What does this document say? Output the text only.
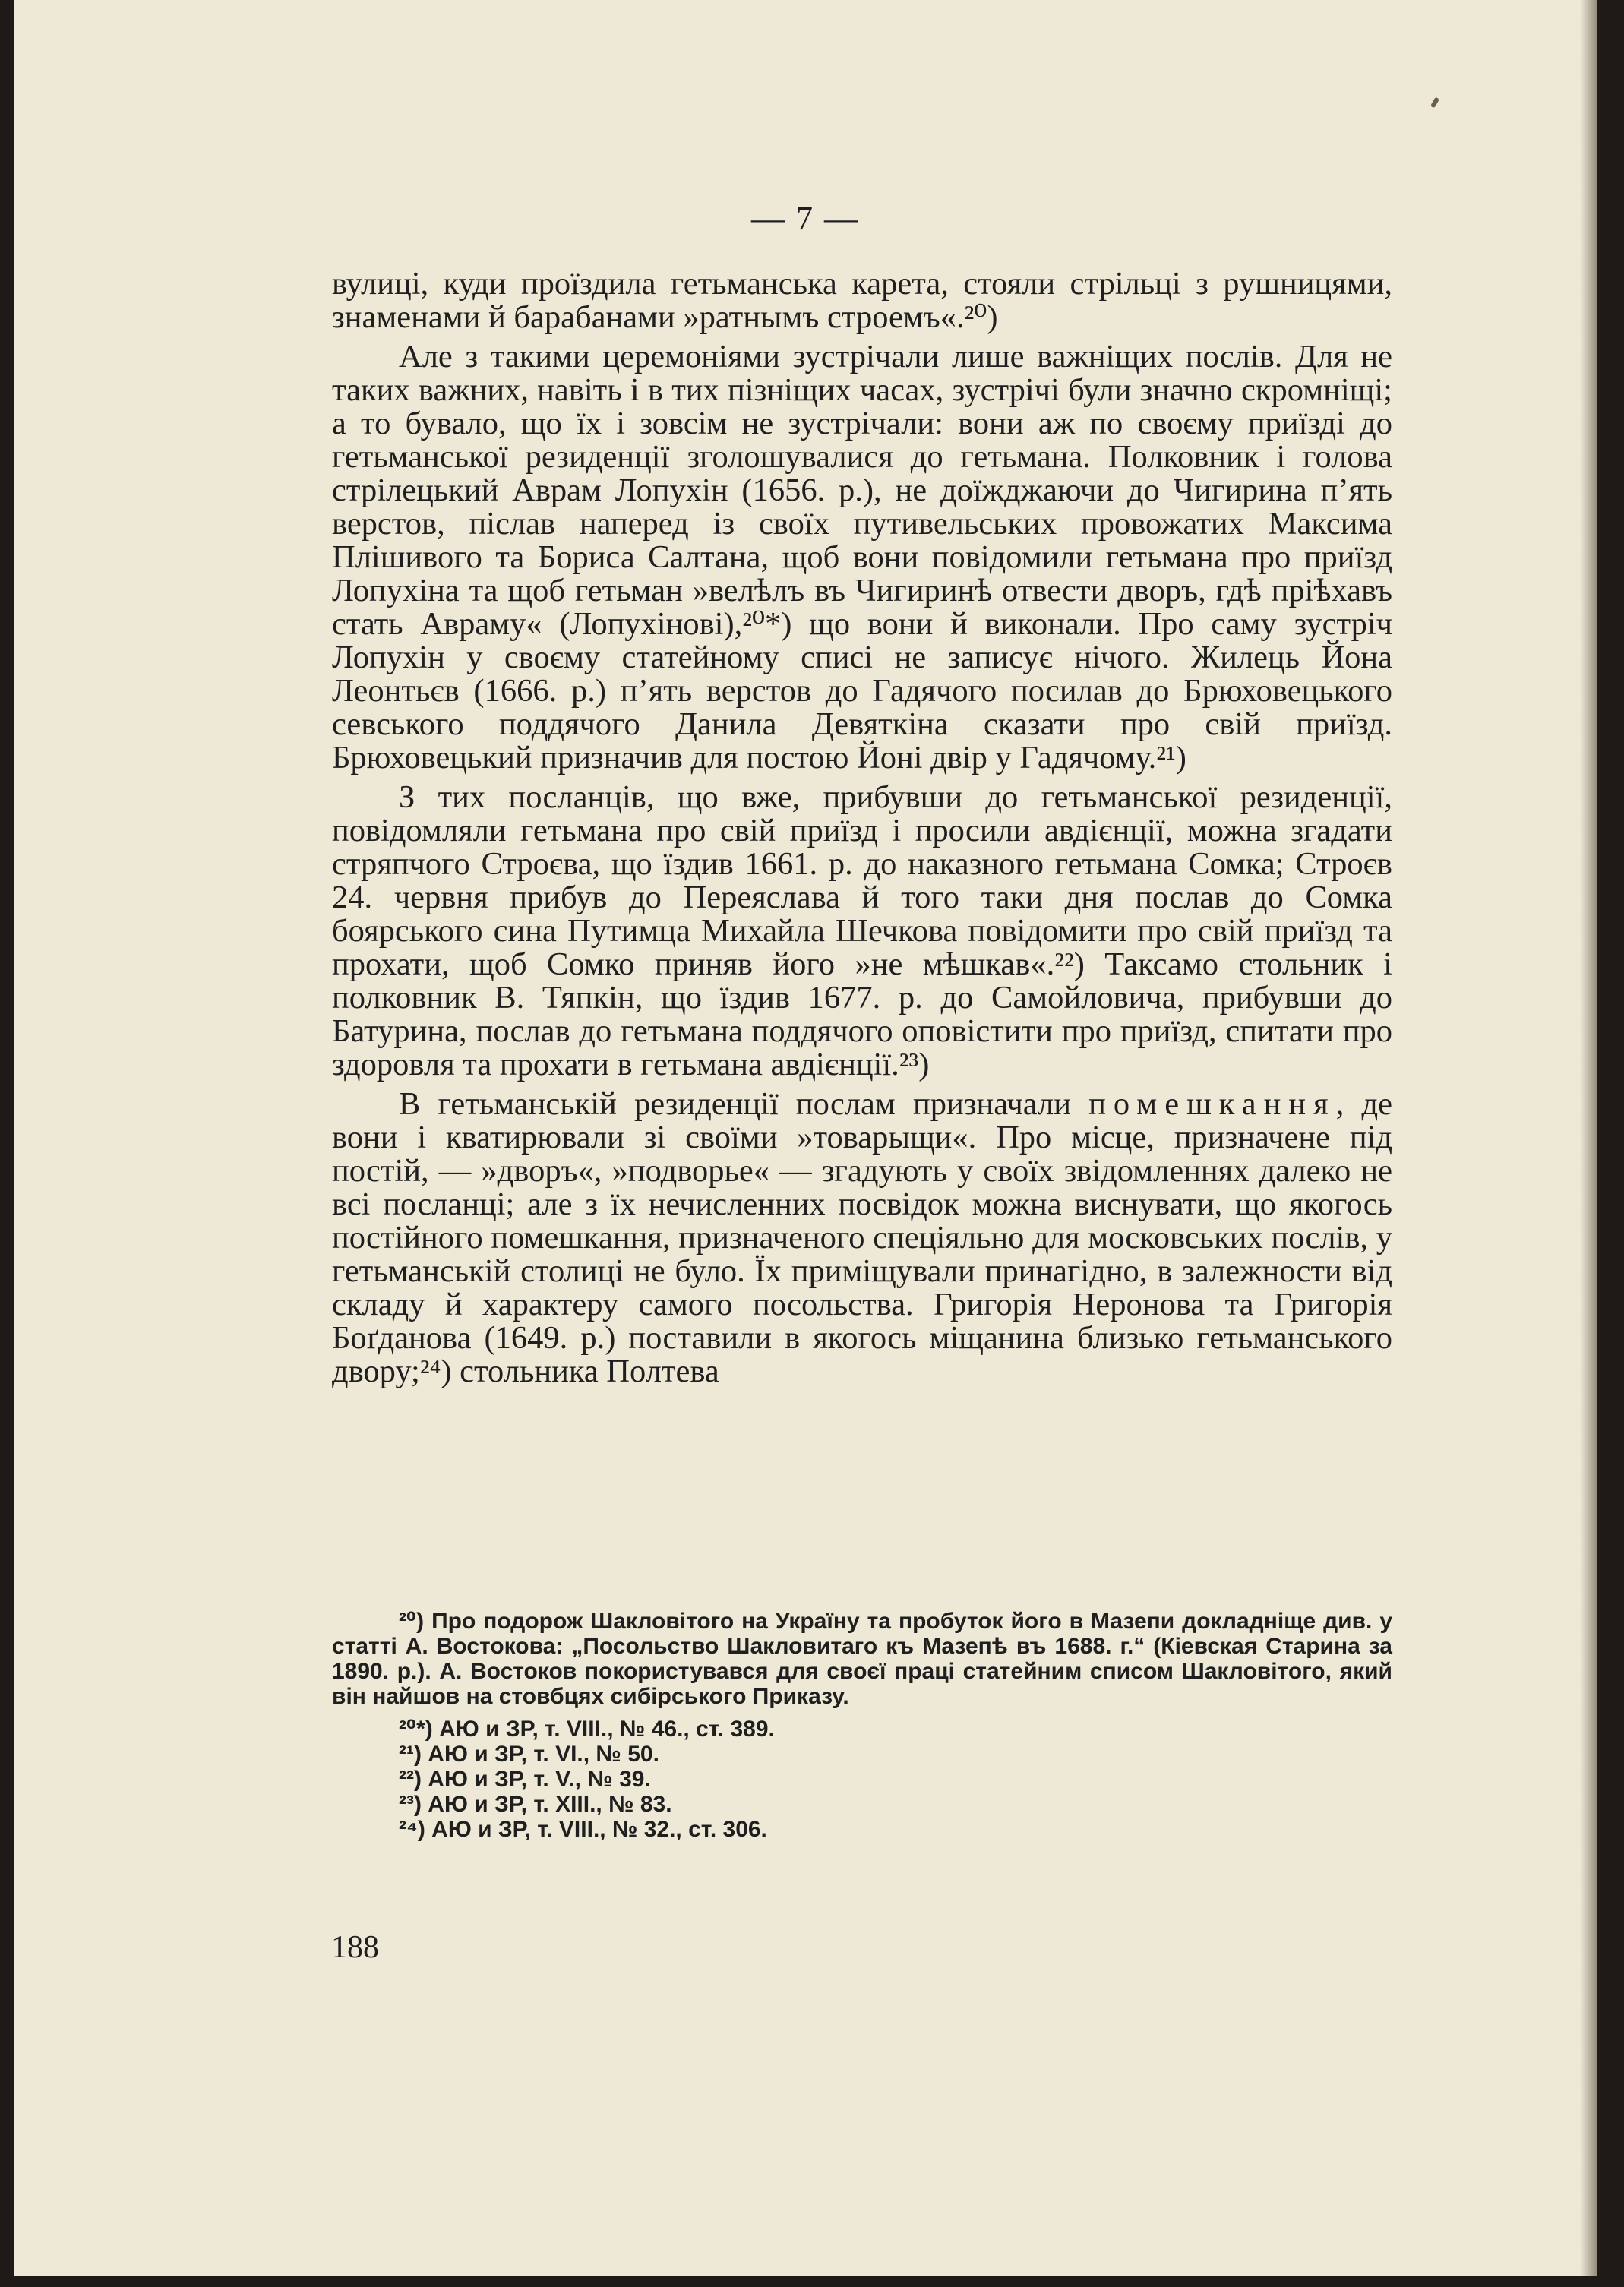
— 7 —

вулиці, куди проїздила гетьманська карета, стояли стрільці з рушницями, знаменами й барабанами »ратнымъ строемъ«.²⁰)

Але з такими церемоніями зустрічали лише важніщих послів. Для не таких важних, навіть і в тих пізніщих часах, зустрічі були значно скромніщі; а то бувало, що їх і зовсім не зустрічали: вони аж по своєму приїзді до гетьманської резиденції зголошувалися до гетьмана. Полковник і голова стрілецький Аврам Лопухін (1656. р.), не доїжджаючи до Чигирина п’ять верстов, післав наперед із своїх путивельських провожатих Максима Плішивого та Бориса Салтана, щоб вони повідомили гетьмана про приїзд Лопухіна та щоб гетьман »велѣлъ въ Чигиринѣ отвести дворъ, гдѣ пріѣхавъ стать Авраму« (Лопухінові),²⁰*) що вони й виконали. Про саму зустріч Лопухін у своєму статейному списі не записує нічого. Жилець Йона Леонтьєв (1666. р.) п’ять верстов до Гадячого посилав до Брюховецького севського поддячого Данила Девяткіна сказати про свій приїзд. Брюховецький призначив для постою Йоні двір у Гадячому.²¹)

З тих посланців, що вже, прибувши до гетьманської резиденції, повідомляли гетьмана про свій приїзд і просили авдієнції, можна згадати стряпчого Строєва, що їздив 1661. р. до наказного гетьмана Сомка; Строєв 24. червня прибув до Переяслава й того таки дня послав до Сомка боярського сина Путимца Михайла Шечкова повідомити про свій приїзд та прохати, щоб Сомко приняв його »не мѣшкав«.²²) Таксамо стольник і полковник В. Тяпкін, що їздив 1677. р. до Самойловича, прибувши до Батурина, послав до гетьмана поддячого оповістити про приїзд, спитати про здоровля та прохати в гетьмана авдієнції.²³)

В гетьманській резиденції послам призначали помешкання, де вони і кватирювали зі своїми »товарыщи«. Про місце, призначене під постій, — »дворъ«, »подворье« — згадують у своїх звідомленнях далеко не всі посланці; але з їх нечисленних посвідок можна виснувати, що якогось постійного помешкання, призначеного спеціяльно для московських послів, у гетьманській столиці не було. Їх приміщували принагідно, в залежности від складу й характеру самого посольства. Григорія Неронова та Григорія Боґданова (1649. р.) поставили в якогось міщанина близько гетьманського двору;²⁴) стольника Полтева

²⁰) Про подорож Шакловітого на Україну та пробуток його в Мазепи докладніще див. у статті А. Востокова: „Посольство Шакловитаго къ Мазепѣ въ 1688. г.“ (Кіевская Старина за 1890. р.). А. Востоков покористувався для своєї праці статейним списом Шакловітого, який він найшов на стовбцях сибірського Приказу.

²⁰*) АЮ и ЗР, т. VIII., № 46., ст. 389.

²¹) АЮ и ЗР, т. VI., № 50.

²²) АЮ и ЗР, т. V., № 39.

²³) АЮ и ЗР, т. XIII., № 83.

²⁴) АЮ и ЗР, т. VIII., № 32., ст. 306.

188
